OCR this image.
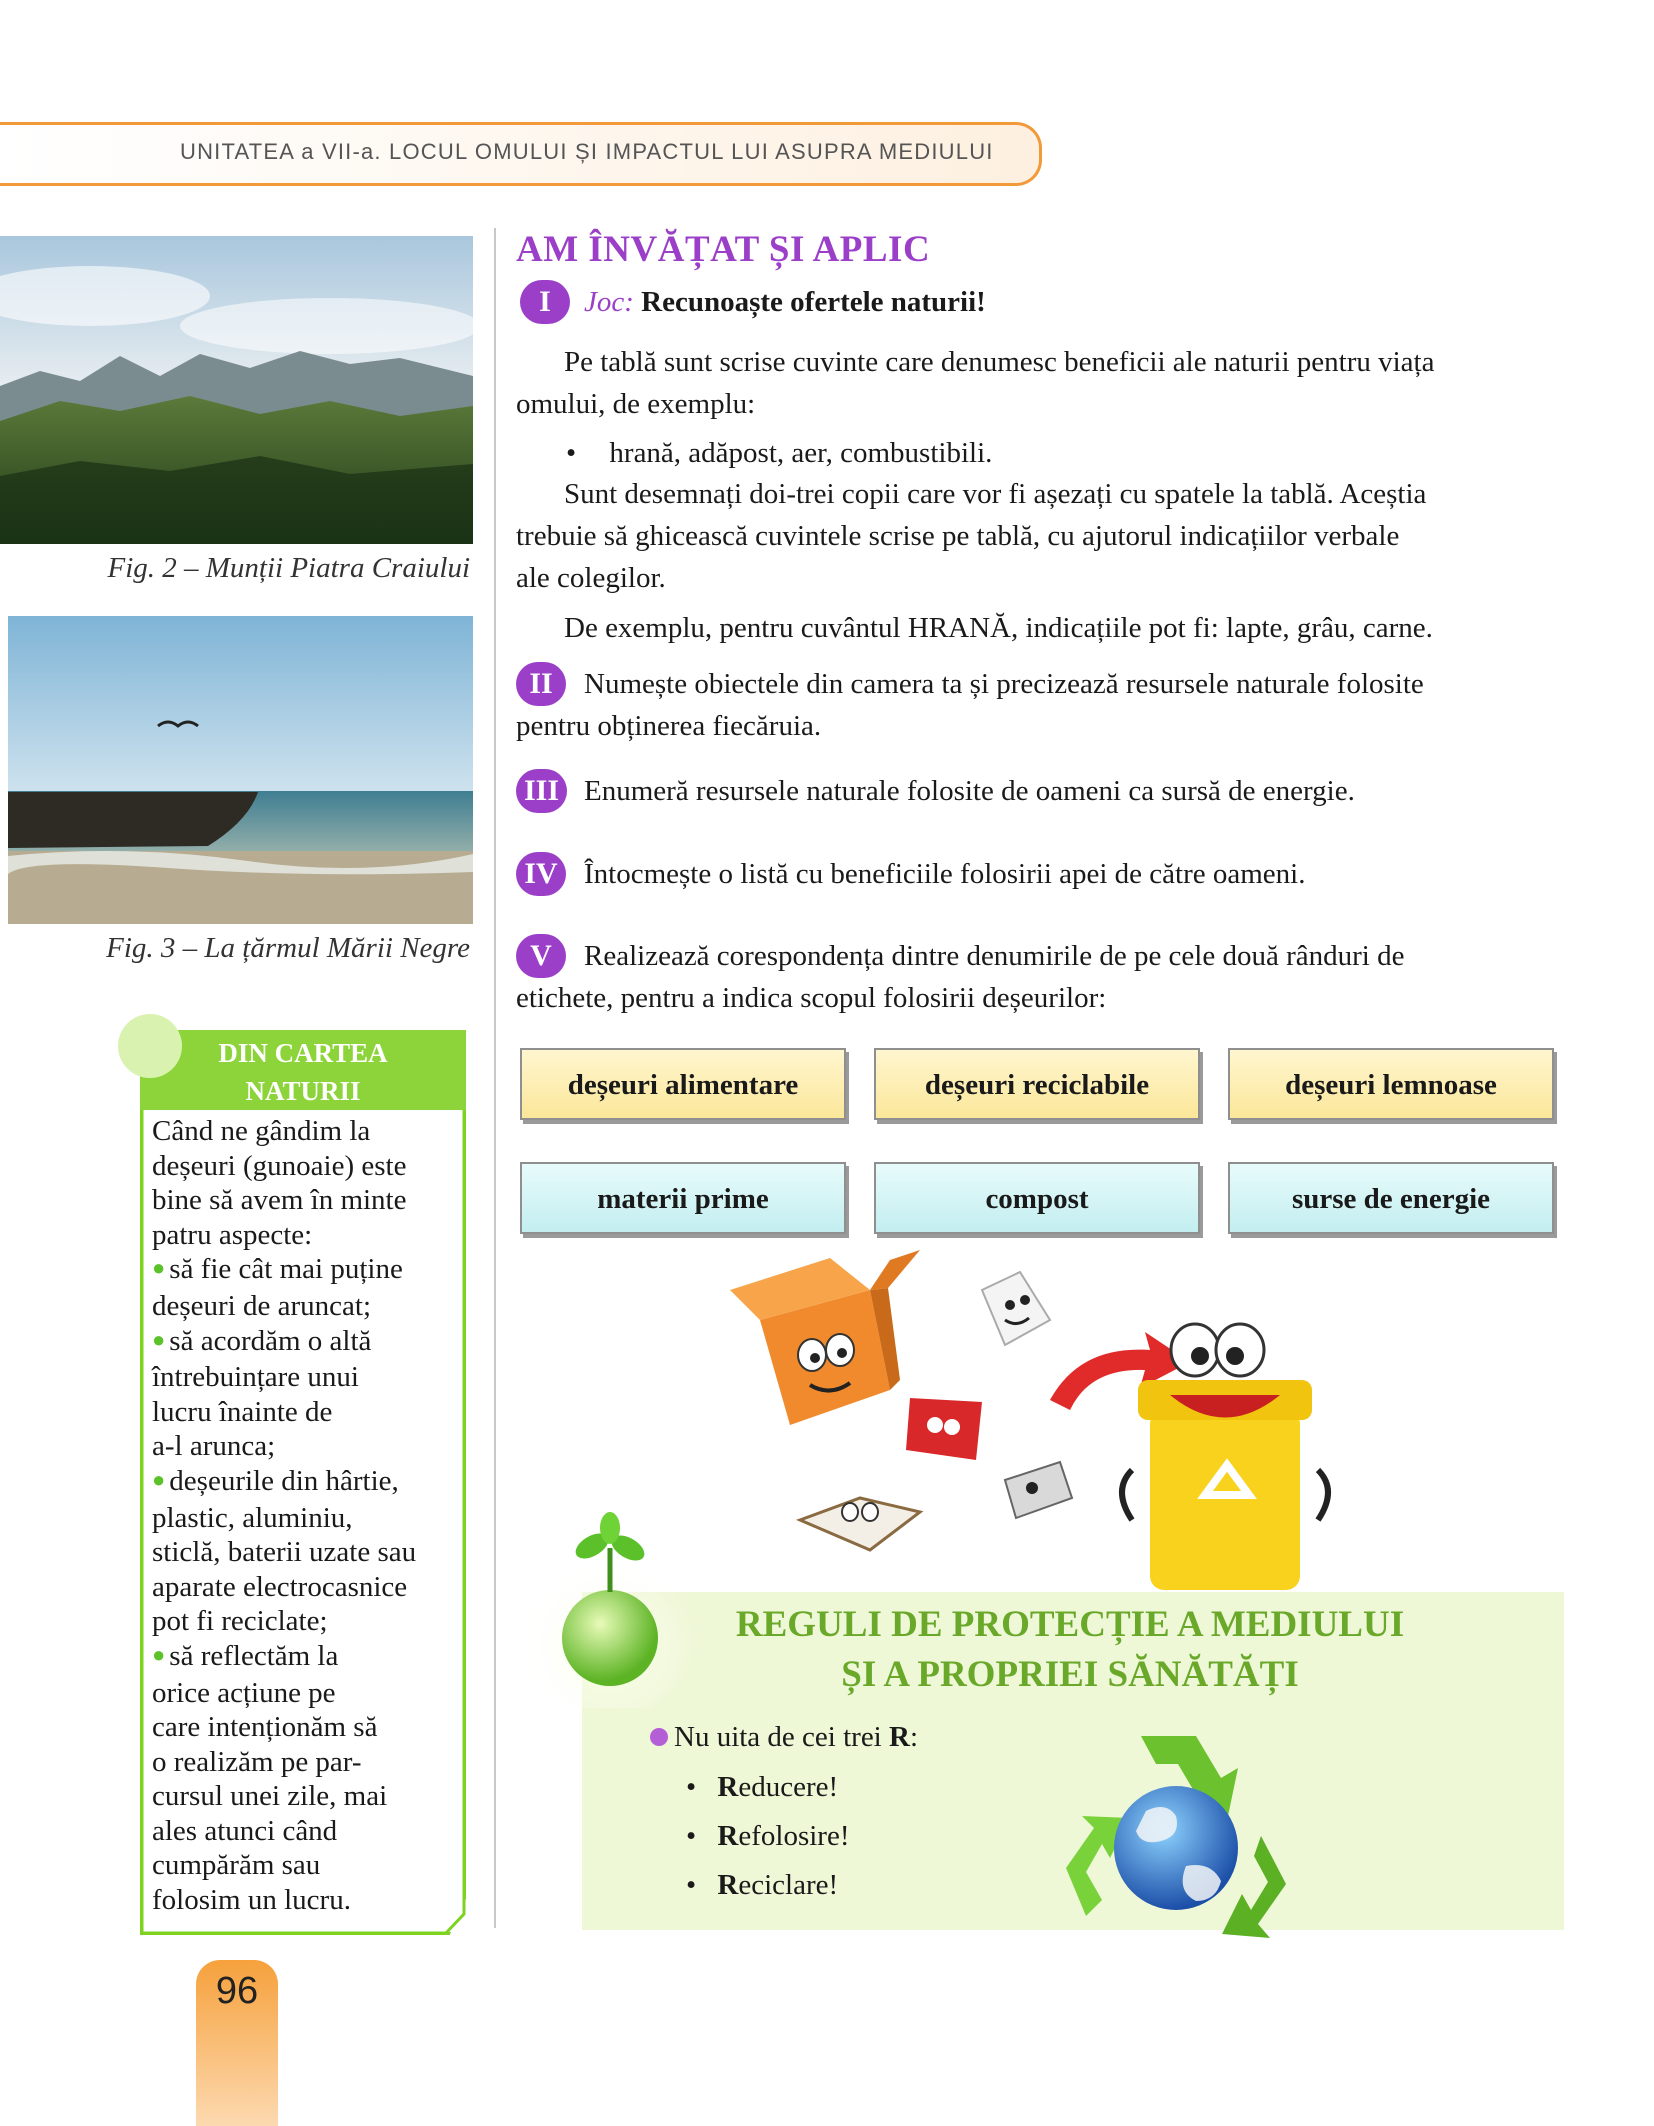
UNITATEA a VII-a. LOCUL OMULUI ȘI IMPACTUL LUI ASUPRA MEDIULUI
Fig. 2 – Munții Piatra Craiului
Fig. 3 – La țărmul Mării Negre
DIN CARTEA
NATURII
Când ne gândim la
deșeuri (gunoaie) este
bine să avem în minte
patru aspecte:
● să fie cât mai puține
deșeuri de aruncat;
● să acordăm o altă
întrebuințare unui
lucru înainte de
a-l arunca;
● deșeurile din hârtie,
plastic, aluminiu,
sticlă, baterii uzate sau
aparate electrocasnice
pot fi reciclate;
● să reflectăm la
orice acțiune pe
care intenționăm să
o realizăm pe par-
cursul unei zile, mai
ales atunci când
cumpărăm sau
folosim un lucru.
96
AM ÎNVĂȚAT ȘI APLIC
I	Joc: Recunoaște ofertele naturii!
Pe tablă sunt scrise cuvinte care denumesc beneficii ale naturii pentru viața
omului, de exemplu:
• hrană, adăpost, aer, combustibili.
Sunt desemnați doi-trei copii care vor fi așezați cu spatele la tablă. Aceștia
trebuie să ghicească cuvintele scrise pe tablă, cu ajutorul indicațiilor verbale
ale colegilor.
De exemplu, pentru cuvântul HRANĂ, indicațiile pot fi: lapte, grâu, carne.
II	Numește obiectele din camera ta și precizează resursele naturale folosite
pentru obținerea fiecăruia.
III Enumeră resursele naturale folosite de oameni ca sursă de energie.
IV Întocmește o listă cu beneficiile folosirii apei de către oameni.
V	Realizează corespondența dintre denumirile de pe cele două rânduri de
etichete, pentru a indica scopul folosirii deșeurilor:
deșeuri alimentare	deșeuri reciclabile	deșeuri lemnoase
materii prime	compost	surse de energie
REGULI DE PROTECȚIE A MEDIULUI
ȘI A PROPRIEI SĂNĂTĂȚI
Nu uita de cei trei R:
• Reducere!
• Refolosire!
• Reciclare!
